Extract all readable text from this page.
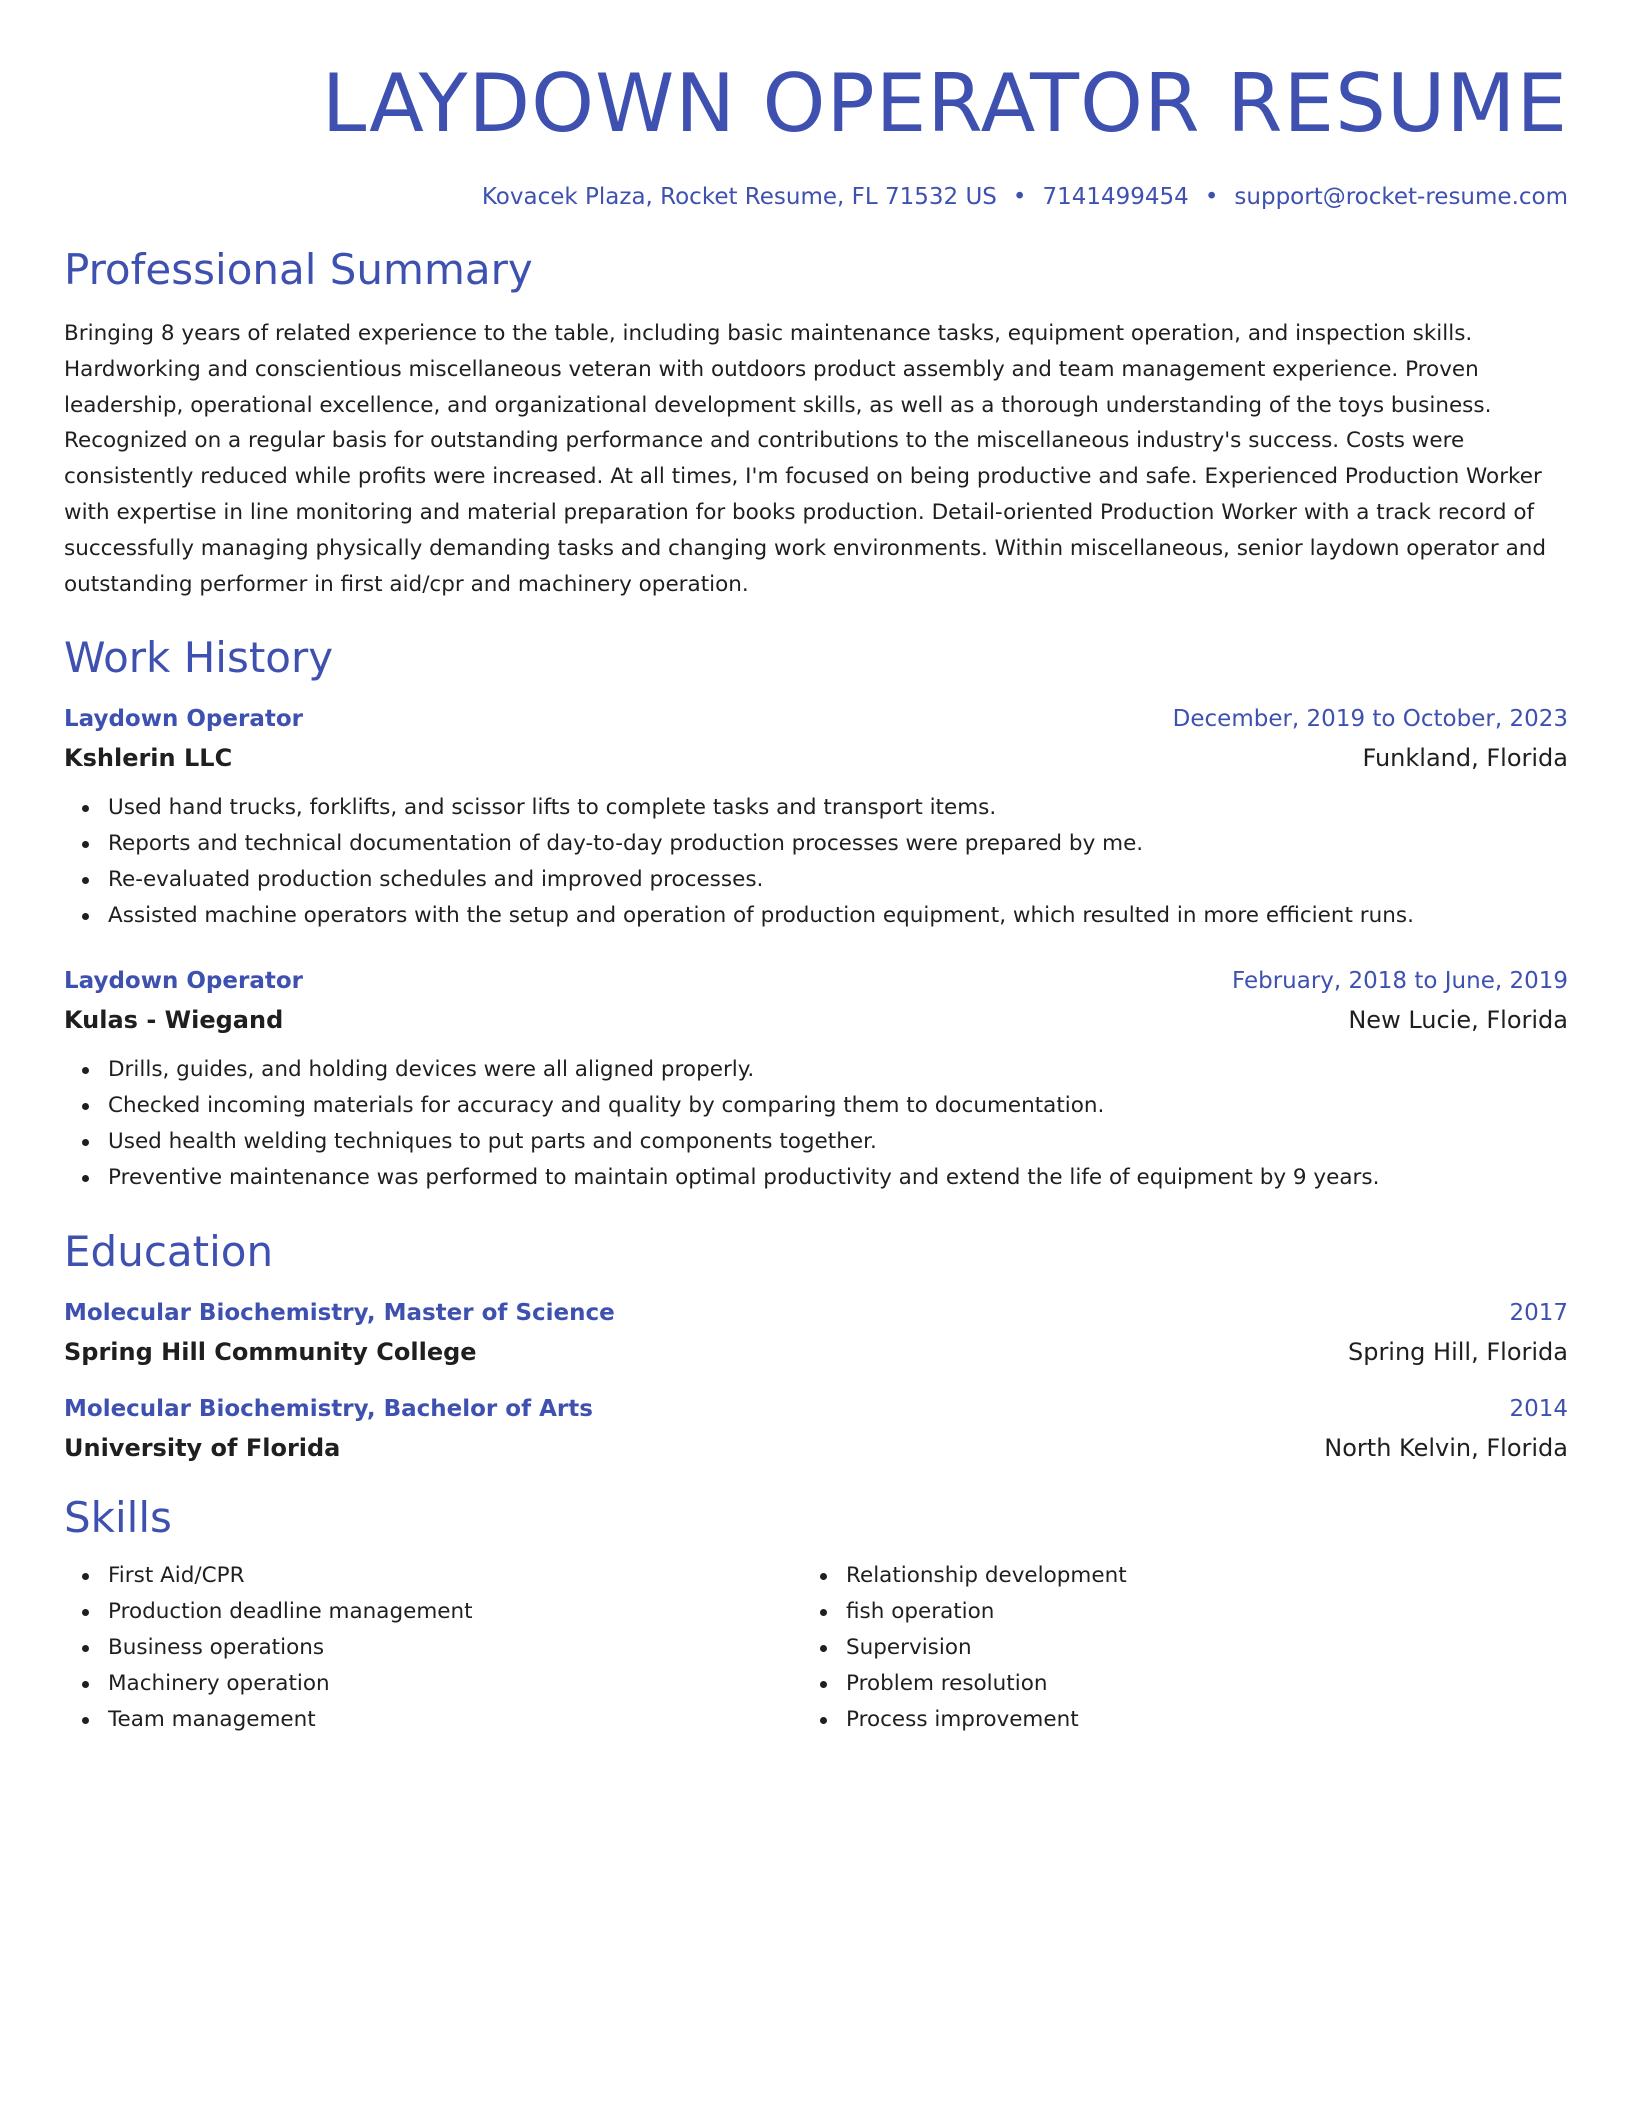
LAYDOWN OPERATOR RESUME
Kovacek Plaza, Rocket Resume, FL 71532 US • 7141499454 • support@rocket-resume.com
Professional Summary

Bringing 8 years of related experience to the table, including basic maintenance tasks, equipment operation, and inspection skills. Hardworking and conscientious miscellaneous veteran with outdoors product assembly and team management experience. Proven leadership, operational excellence, and organizational development skills, as well as a thorough understanding of the toys business. Recognized on a regular basis for outstanding performance and contributions to the miscellaneous industry's success. Costs were consistently reduced while profits were increased. At all times, I'm focused on being productive and safe. Experienced Production Worker with expertise in line monitoring and material preparation for books production. Detail-oriented Production Worker with a track record of successfully managing physically demanding tasks and changing work environments. Within miscellaneous, senior laydown operator and outstanding performer in first aid/cpr and machinery operation.

Work History
Laydown Operator	December, 2019 to October, 2023
Kshlerin LLC	Funkland, Florida
Used hand trucks, forklifts, and scissor lifts to complete tasks and transport items.
Reports and technical documentation of day-to-day production processes were prepared by me.
Re-evaluated production schedules and improved processes.
Assisted machine operators with the setup and operation of production equipment, which resulted in more efficient runs.
Laydown Operator	February, 2018 to June, 2019
Kulas - Wiegand	New Lucie, Florida
Drills, guides, and holding devices were all aligned properly.
Checked incoming materials for accuracy and quality by comparing them to documentation.
Used health welding techniques to put parts and components together.
Preventive maintenance was performed to maintain optimal productivity and extend the life of equipment by 9 years.
Education
Molecular Biochemistry, Master of Science	2017
Spring Hill Community College	Spring Hill, Florida
Molecular Biochemistry, Bachelor of Arts	2014
University of Florida	North Kelvin, Florida
Skills
First Aid/CPR
Production deadline management
Business operations
Machinery operation
Team management
Relationship development
fish operation
Supervision
Problem resolution
Process improvement
